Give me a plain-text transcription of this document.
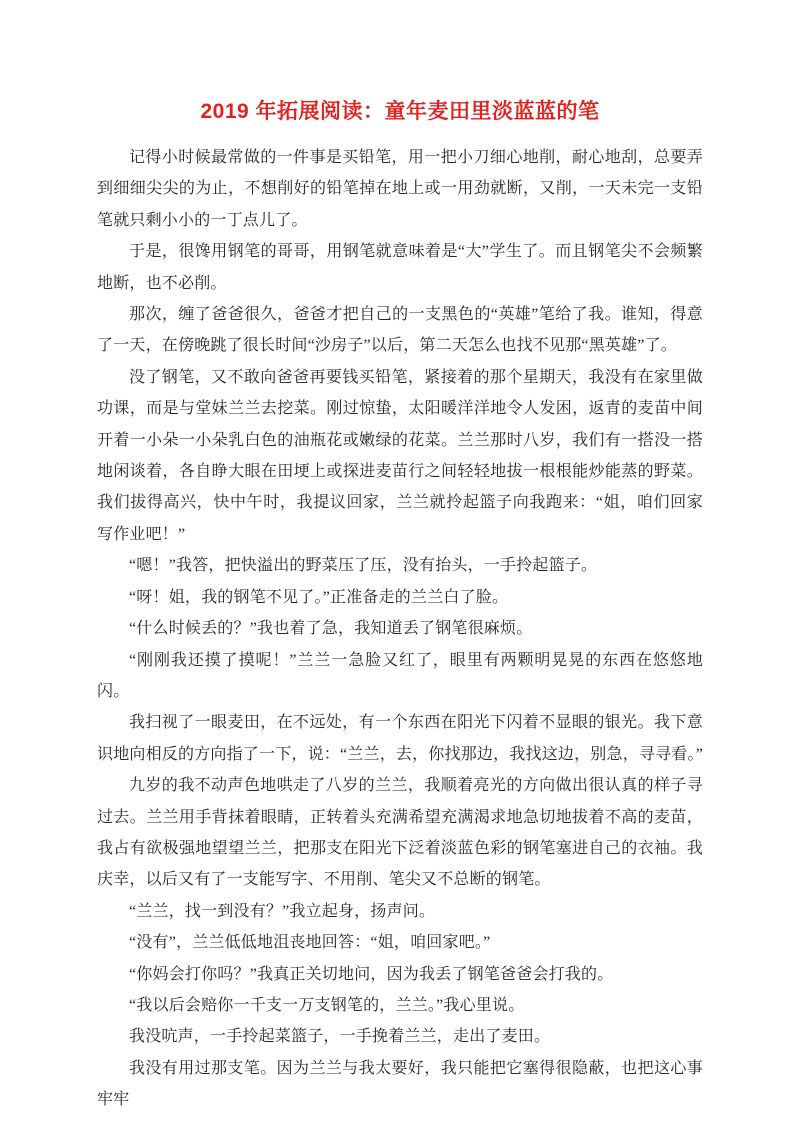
2019 年拓展阅读：童年麦田里淡蓝蓝的笔

记得小时候最常做的一件事是买铅笔，用一把小刀细心地削，耐心地刮，总要弄到细细尖尖的为止，不想削好的铅笔掉在地上或一用劲就断，又削，一天未完一支铅笔就只剩小小的一丁点儿了。

于是，很馋用钢笔的哥哥，用钢笔就意味着是“大”学生了。而且钢笔尖不会频繁地断，也不必削。

那次，缠了爸爸很久，爸爸才把自己的一支黑色的“英雄”笔给了我。谁知，得意了一天，在傍晚跳了很长时间“沙房子”以后，第二天怎么也找不见那“黑英雄”了。

没了钢笔，又不敢向爸爸再要钱买铅笔，紧接着的那个星期天，我没有在家里做功课，而是与堂妹兰兰去挖菜。刚过惊蛰，太阳暖洋洋地令人发困，返青的麦苗中间开着一小朵一小朵乳白色的油瓶花或嫩绿的花菜。兰兰那时八岁，我们有一搭没一搭地闲谈着，各自睁大眼在田埂上或探进麦苗行之间轻轻地拔一根根能炒能蒸的野菜。我们拔得高兴，快中午时，我提议回家，兰兰就拎起篮子向我跑来：“姐，咱们回家写作业吧！”

“嗯！”我答，把快溢出的野菜压了压，没有抬头，一手拎起篮子。

“呀！姐，我的钢笔不见了。”正准备走的兰兰白了脸。

“什么时候丢的？”我也着了急，我知道丢了钢笔很麻烦。

“刚刚我还摸了摸呢！”兰兰一急脸又红了，眼里有两颗明晃晃的东西在悠悠地闪。

我扫视了一眼麦田，在不远处，有一个东西在阳光下闪着不显眼的银光。我下意识地向相反的方向指了一下，说：“兰兰，去，你找那边，我找这边，别急，寻寻看。”

九岁的我不动声色地哄走了八岁的兰兰，我顺着亮光的方向做出很认真的样子寻过去。兰兰用手背抹着眼睛，正转着头充满希望充满渴求地急切地拔着不高的麦苗，我占有欲极强地望望兰兰，把那支在阳光下泛着淡蓝色彩的钢笔塞进自己的衣袖。我庆幸，以后又有了一支能写字、不用削、笔尖又不总断的钢笔。

“兰兰，找一到没有？”我立起身，扬声问。

“没有”，兰兰低低地沮丧地回答：“姐，咱回家吧。”

“你妈会打你吗？”我真正关切地问，因为我丢了钢笔爸爸会打我的。

“我以后会赔你一千支一万支钢笔的，兰兰。”我心里说。

我没吭声，一手拎起菜篮子，一手挽着兰兰，走出了麦田。

我没有用过那支笔。因为兰兰与我太要好，我只能把它塞得很隐蔽，也把这心事牢牢
